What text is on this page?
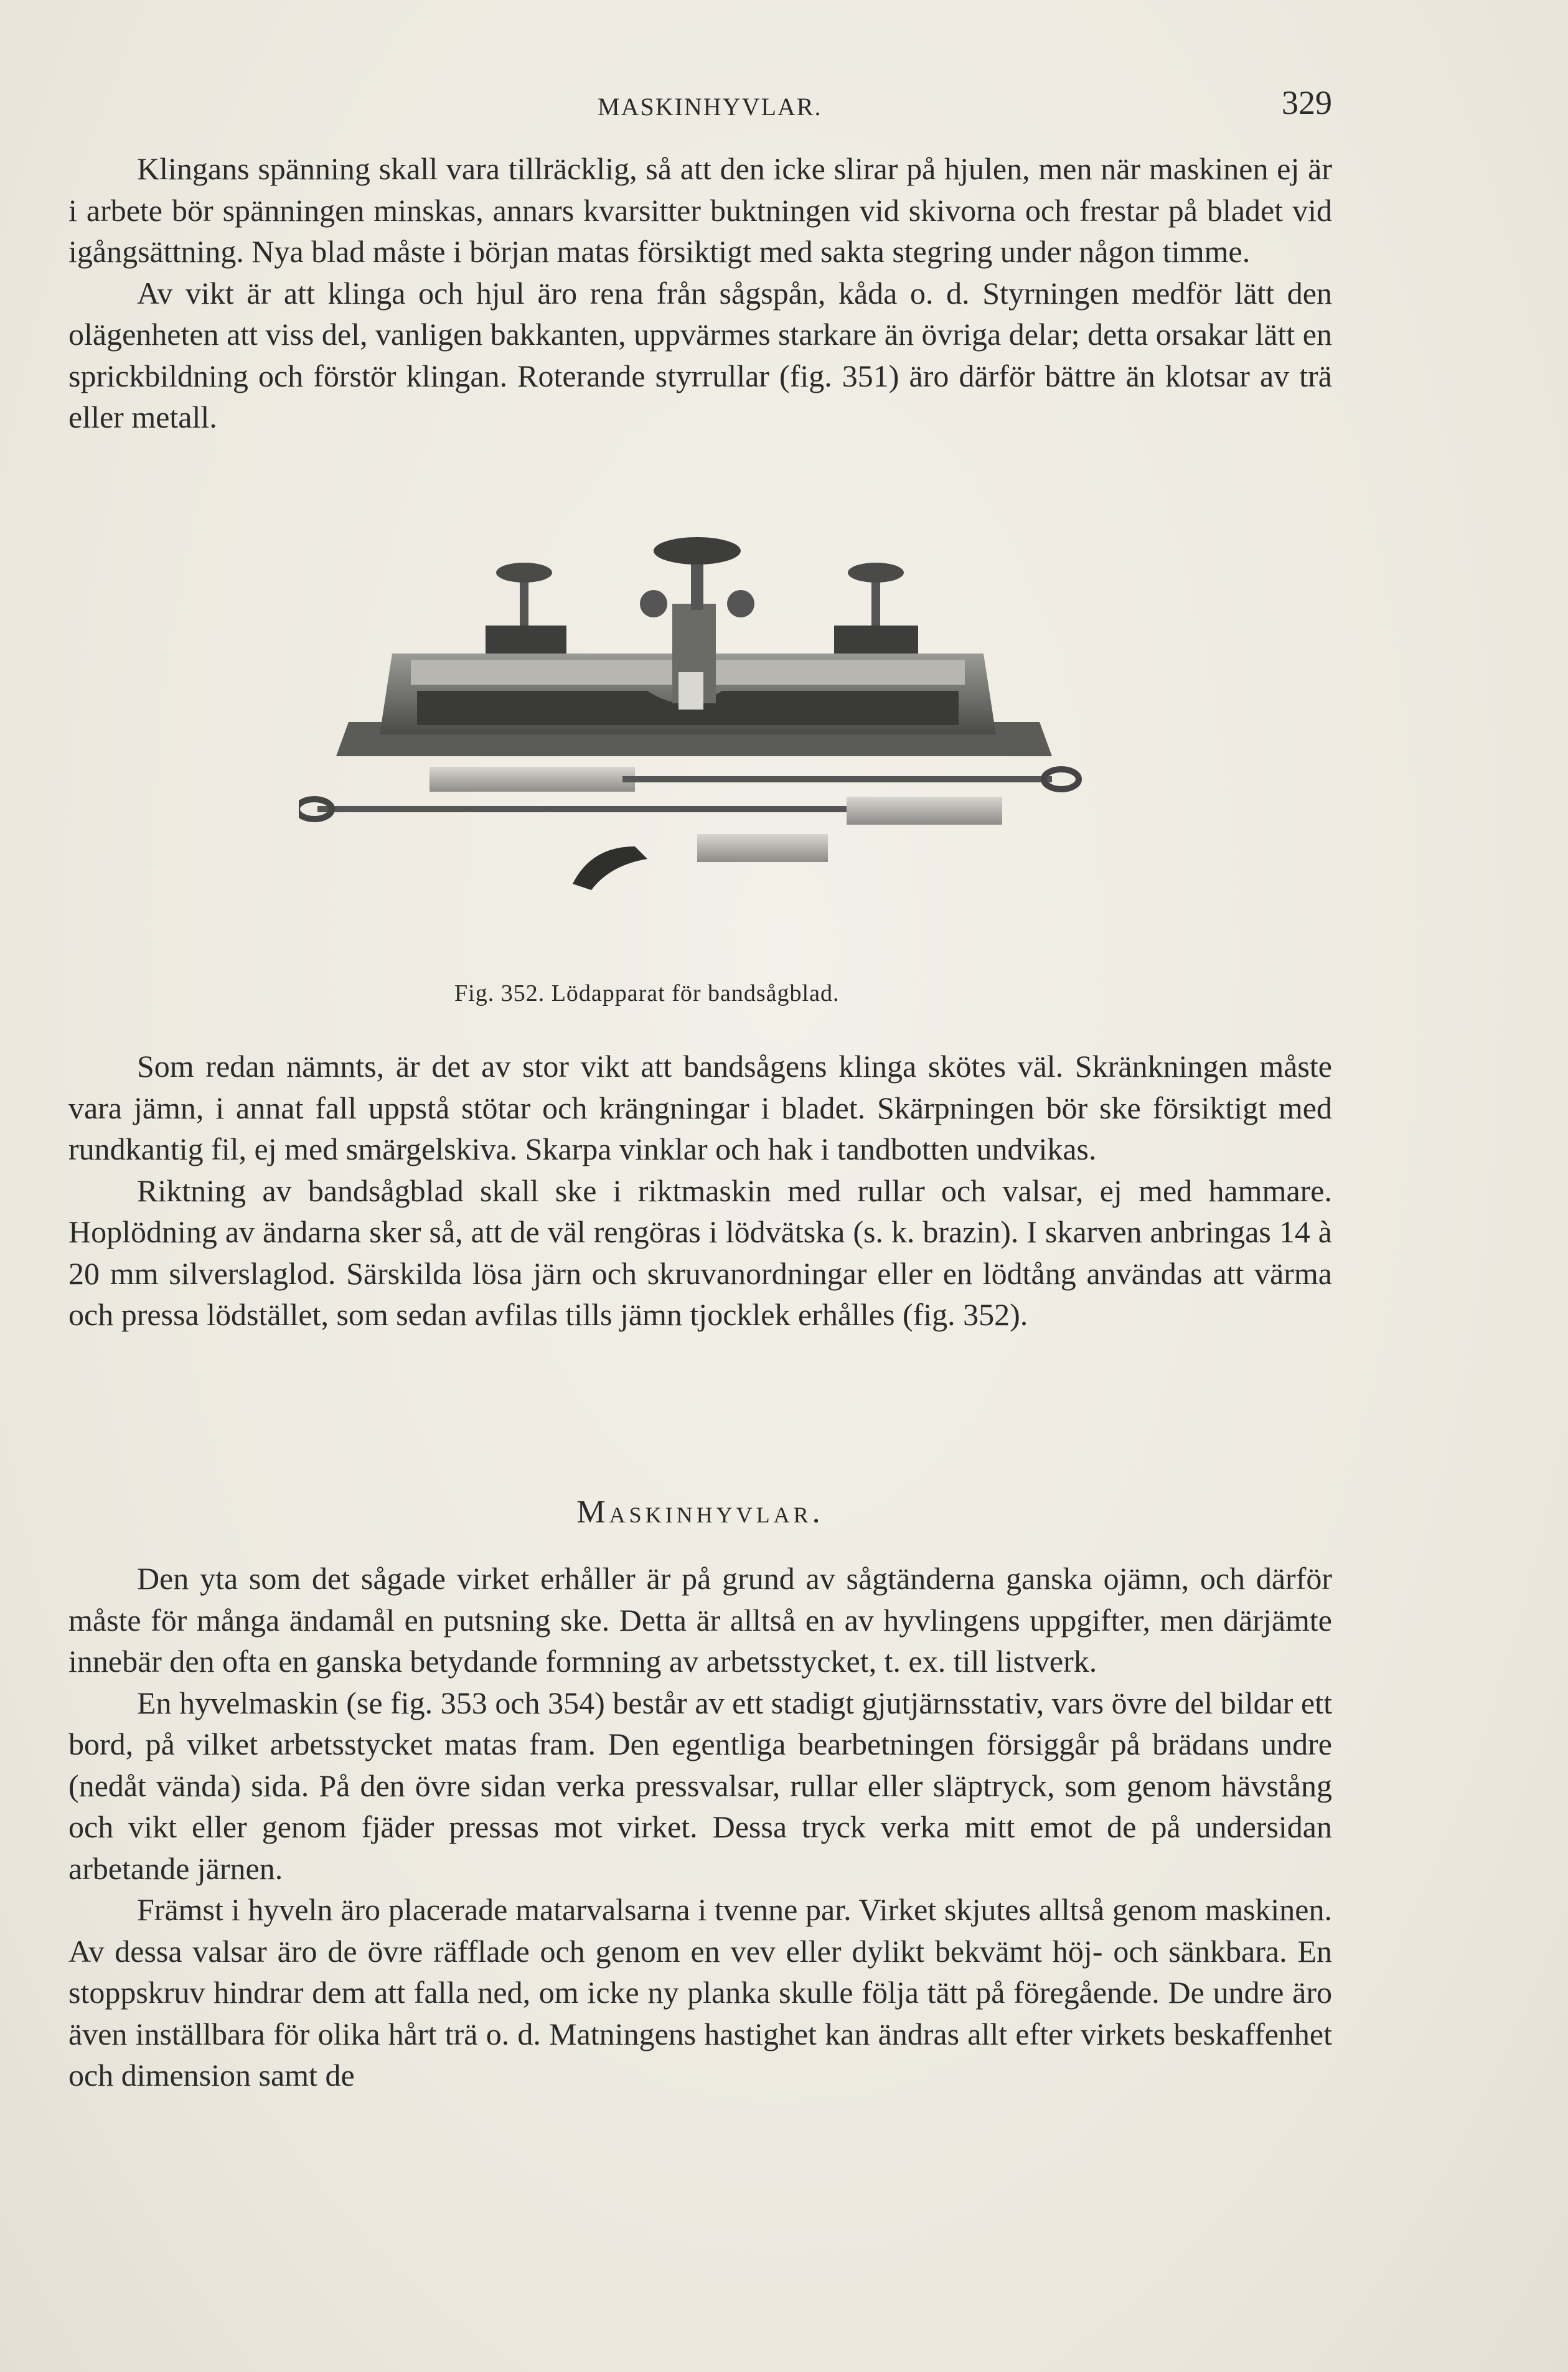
MASKINHYVLAR.	329

Klingans spänning skall vara tillräcklig, så att den icke slirar på hjulen, men när maskinen ej är i arbete bör spänningen minskas, annars kvarsitter buktningen vid skivorna och frestar på bladet vid igångsättning. Nya blad måste i början matas försiktigt med sakta stegring under någon timme.

Av vikt är att klinga och hjul äro rena från sågspån, kåda o. d. Styrningen medför lätt den olägenheten att viss del, vanligen bakkanten, uppvärmes starkare än övriga delar; detta orsakar lätt en sprickbildning och förstör klingan. Roterande styrrullar (fig. 351) äro därför bättre än klotsar av trä eller metall.

Fig. 352. Lödapparat för bandsågblad.

Som redan nämnts, är det av stor vikt att bandsågens klinga skötes väl. Skränkningen måste vara jämn, i annat fall uppstå stötar och krängningar i bladet. Skärpningen bör ske försiktigt med rundkantig fil, ej med smärgelskiva. Skarpa vinklar och hak i tandbotten undvikas.

Riktning av bandsågblad skall ske i riktmaskin med rullar och valsar, ej med hammare. Hoplödning av ändarna sker så, att de väl rengöras i lödvätska (s. k. brazin). I skarven anbringas 14 à 20 mm silverslaglod. Särskilda lösa järn och skruvanordningar eller en lödtång användas att värma och pressa lödstället, som sedan avfilas tills jämn tjocklek erhålles (fig. 352).

Maskinhyvlar.

Den yta som det sågade virket erhåller är på grund av sågtänderna ganska ojämn, och därför måste för många ändamål en putsning ske. Detta är alltså en av hyvlingens uppgifter, men därjämte innebär den ofta en ganska betydande formning av arbetsstycket, t. ex. till listverk.

En hyvelmaskin (se fig. 353 och 354) består av ett stadigt gjutjärnsstativ, vars övre del bildar ett bord, på vilket arbetsstycket matas fram. Den egentliga bearbetningen försiggår på brädans undre (nedåt vända) sida. På den övre sidan verka pressvalsar, rullar eller släptryck, som genom hävstång och vikt eller genom fjäder pressas mot virket. Dessa tryck verka mitt emot de på undersidan arbetande järnen.

Främst i hyveln äro placerade matarvalsarna i tvenne par. Virket skjutes alltså genom maskinen. Av dessa valsar äro de övre räfflade och genom en vev eller dylikt bekvämt höj- och sänkbara. En stoppskruv hindrar dem att falla ned, om icke ny planka skulle följa tätt på föregående. De undre äro även inställbara för olika hårt trä o. d. Matningens hastighet kan ändras allt efter virkets beskaffenhet och dimension samt de
